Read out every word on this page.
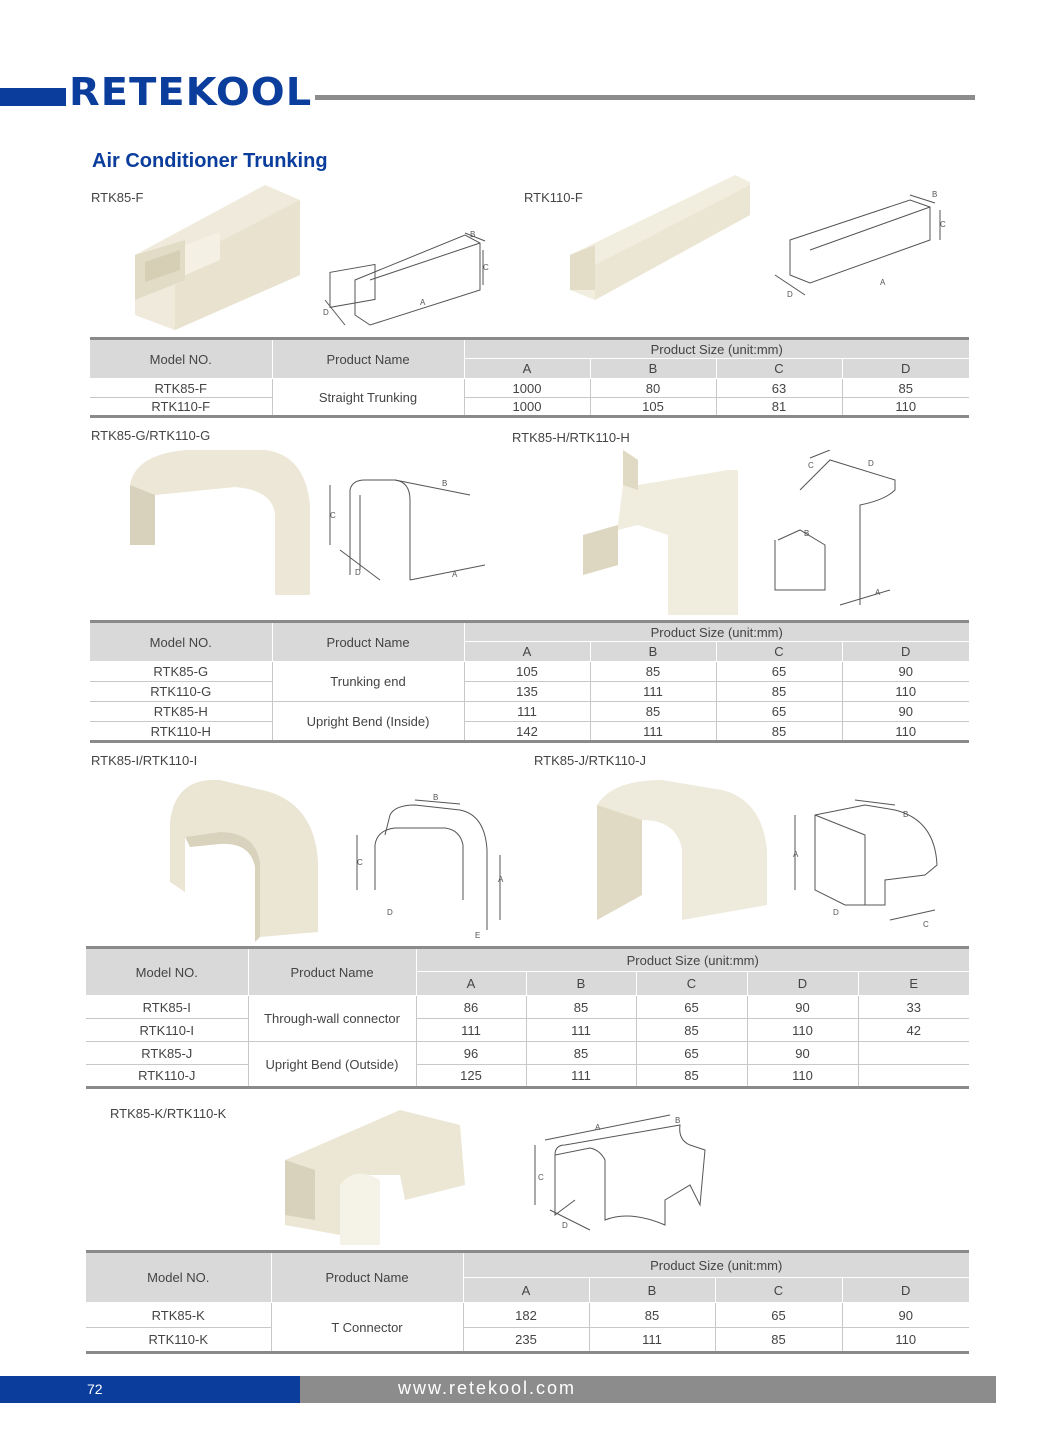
RETEKOOL
Air Conditioner Trunking
RTK85-F	RTK110-F
B
C
A
D
B
C
A
D
Model NO.	Product Name	Product Size (unit:mm)			
		A	B	C	D
RTK85-F	Straight Trunking	1000	80	63	85
RTK110-F		1000	105	81	110
RTK85-G/RTK110-G	RTK85-H/RTK110-H
C
D
B
A
C	D
B
A
Model NO.	Product Name	Product Size (unit:mm)			
		A	B	C	D
RTK85-G	Trunking end	105	85	65	90
RTK110-G		135	111	85	110
RTK85-H	Upright Bend (Inside)	111	85	65	90
RTK110-H		142	111	85	110
RTK85-I/RTK110-I	RTK85-J/RTK110-J
C
B
A
D
E
A
B
D
C
Model NO.	Product Name	Product Size (unit:mm)				
		A	B	C	D	E
RTK85-I	Through-wall connector	86	85	65	90	33
RTK110-I		111	111	85	110	42
RTK85-J	Upright Bend (Outside)	96	85	65	90	
RTK110-J		125	111	85	110	
RTK85-K/RTK110-K
A
B
C
D
Model NO.	Product Name	Product Size (unit:mm)			
		A	B	C	D
RTK85-K	T Connector	182	85	65	90
RTK110-K		235	111	85	110
72	www.retekool.com
